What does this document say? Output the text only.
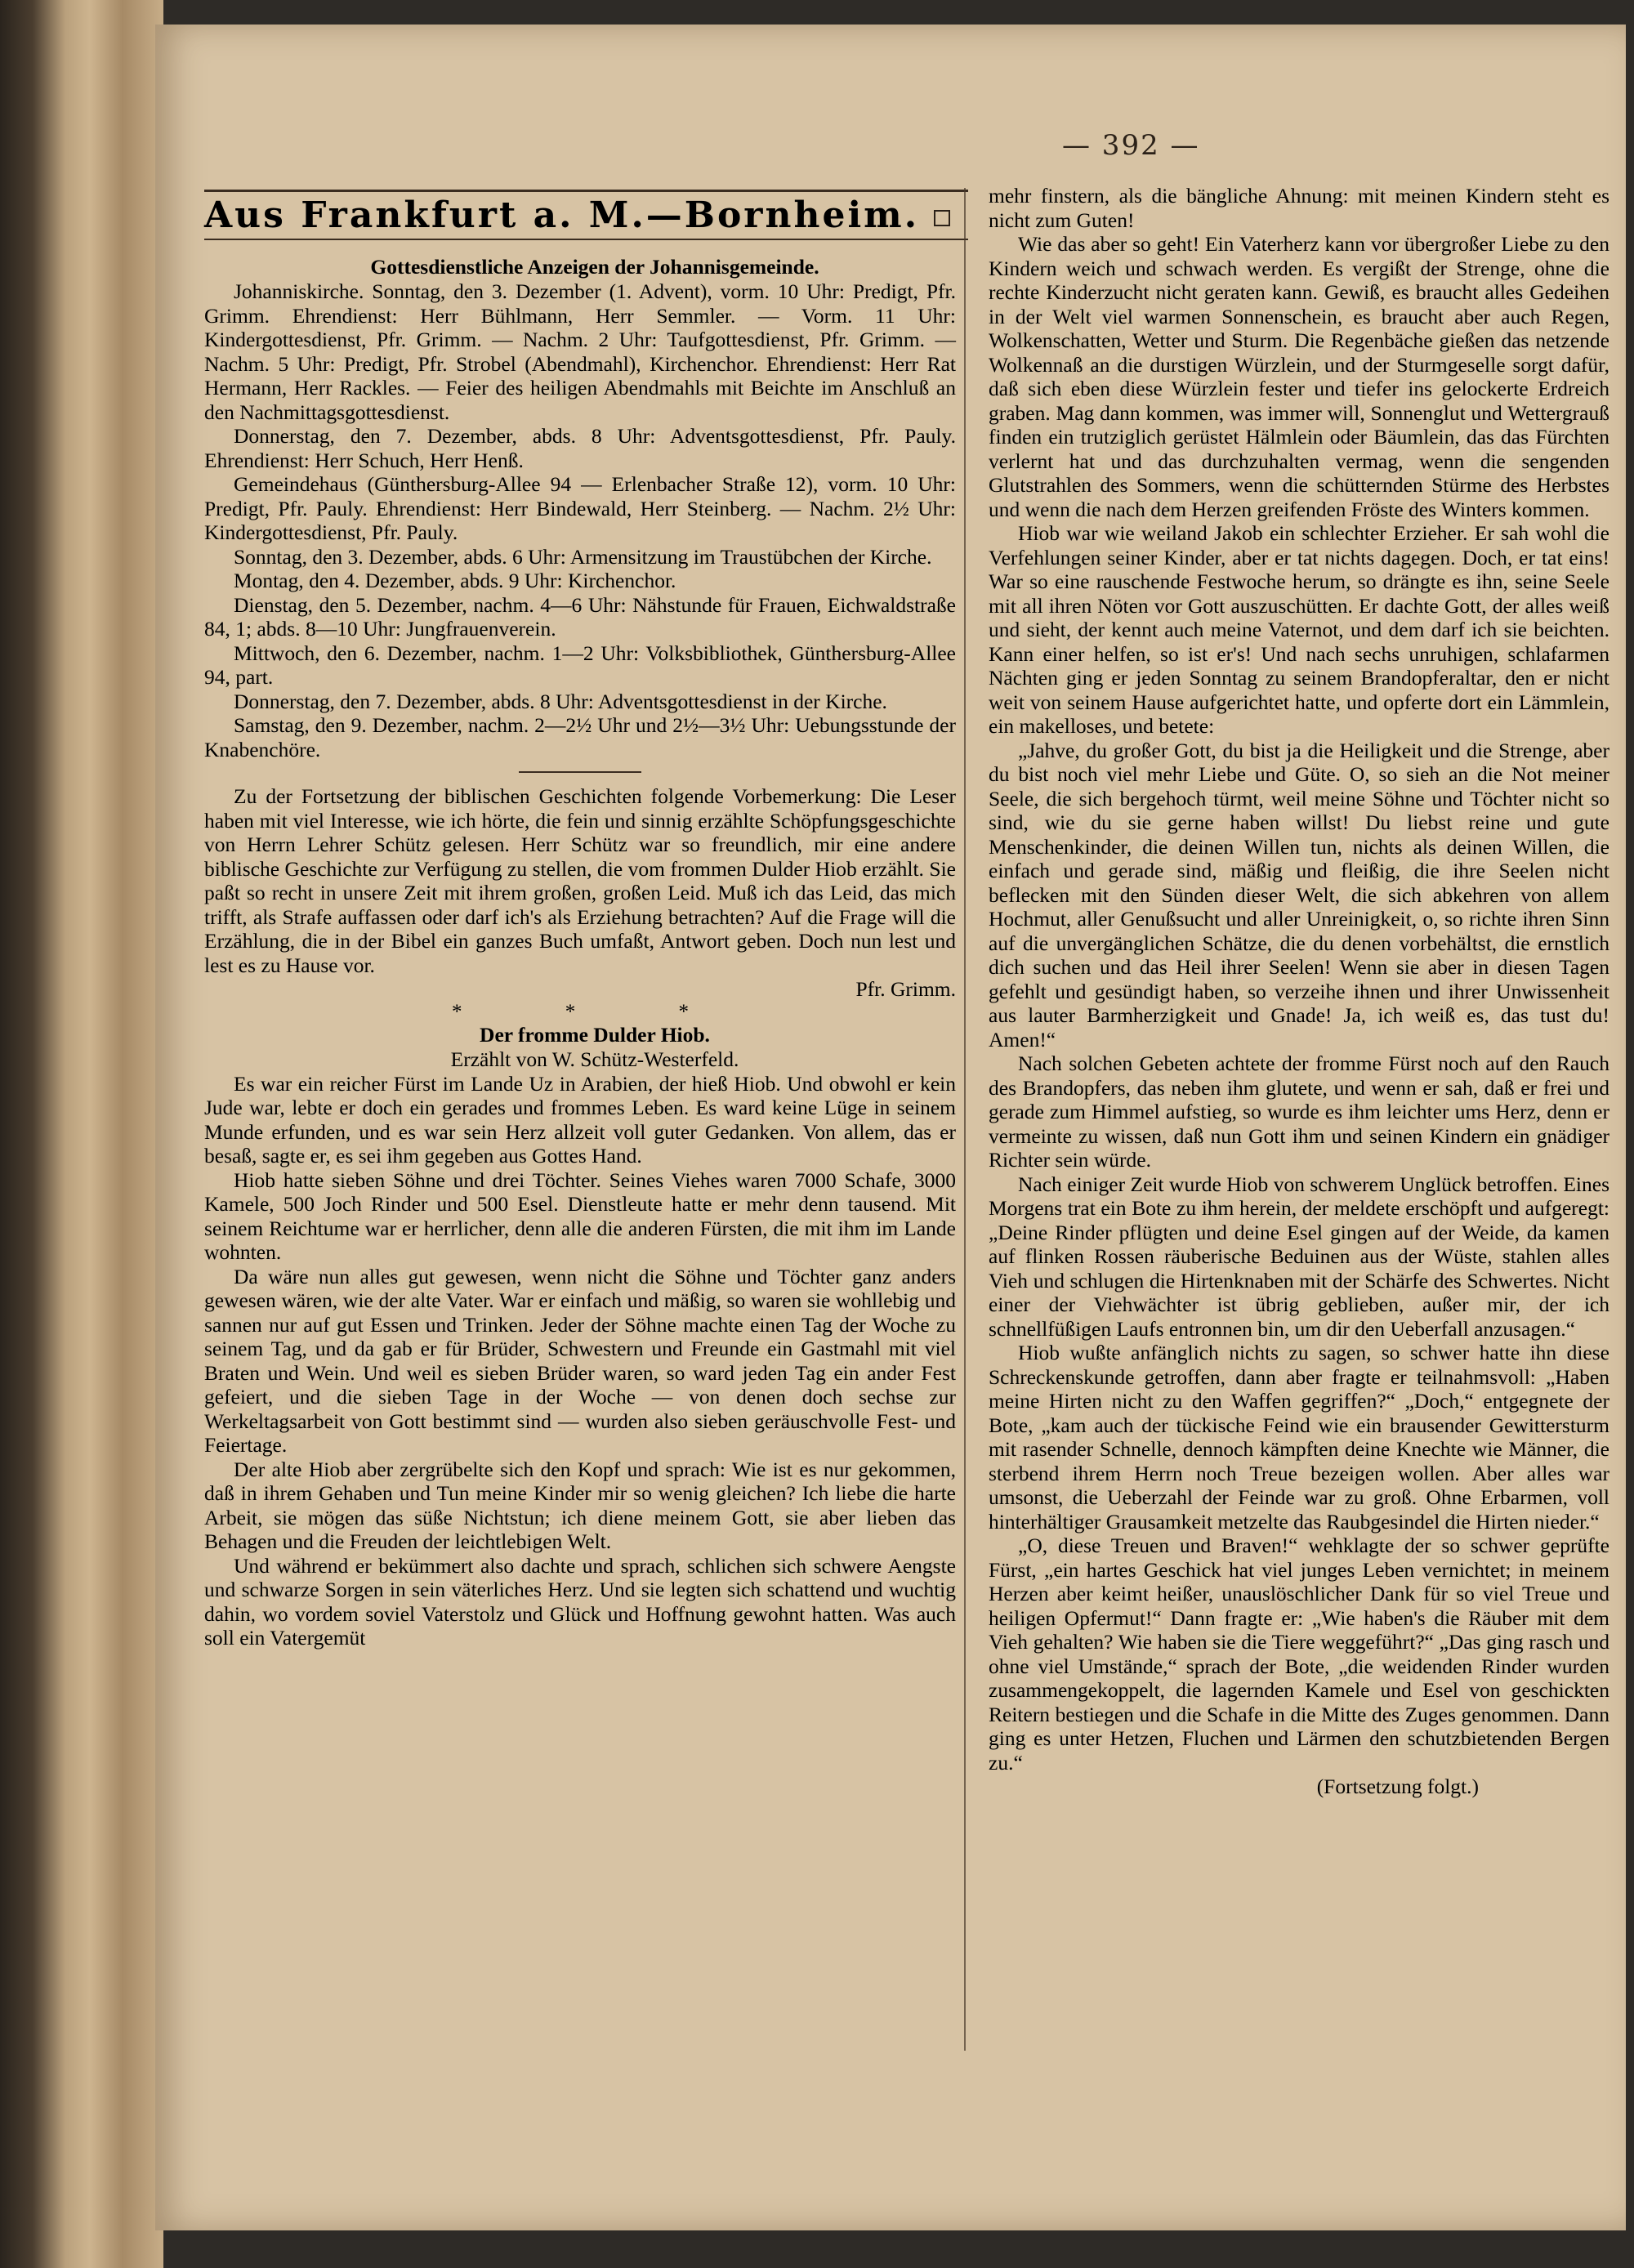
— 392 —
Aus Frankfurt a. M.—Bornheim.

Gottesdienstliche Anzeigen der Johannisgemeinde.

Johanniskirche. Sonntag, den 3. Dezember (1. Advent), vorm. 10 Uhr: Predigt, Pfr. Grimm. Ehrendienst: Herr Bühlmann, Herr Semmler. — Vorm. 11 Uhr: Kindergottesdienst, Pfr. Grimm. — Nachm. 2 Uhr: Taufgottesdienst, Pfr. Grimm. — Nachm. 5 Uhr: Predigt, Pfr. Strobel (Abendmahl), Kirchenchor. Ehrendienst: Herr Rat Hermann, Herr Rackles. — Feier des heiligen Abendmahls mit Beichte im Anschluß an den Nachmittagsgottesdienst.

Donnerstag, den 7. Dezember, abds. 8 Uhr: Adventsgottesdienst, Pfr. Pauly. Ehrendienst: Herr Schuch, Herr Henß.

Gemeindehaus (Günthersburg-Allee 94 — Erlenbacher Straße 12), vorm. 10 Uhr: Predigt, Pfr. Pauly. Ehrendienst: Herr Bindewald, Herr Steinberg. — Nachm. 2½ Uhr: Kindergottesdienst, Pfr. Pauly.

Sonntag, den 3. Dezember, abds. 6 Uhr: Armensitzung im Traustübchen der Kirche.

Montag, den 4. Dezember, abds. 9 Uhr: Kirchenchor.

Dienstag, den 5. Dezember, nachm. 4—6 Uhr: Nähstunde für Frauen, Eichwaldstraße 84, 1; abds. 8—10 Uhr: Jungfrauenverein.

Mittwoch, den 6. Dezember, nachm. 1—2 Uhr: Volksbibliothek, Günthersburg-Allee 94, part.

Donnerstag, den 7. Dezember, abds. 8 Uhr: Adventsgottesdienst in der Kirche.

Samstag, den 9. Dezember, nachm. 2—2½ Uhr und 2½—3½ Uhr: Uebungsstunde der Knabenchöre.

Zu der Fortsetzung der biblischen Geschichten folgende Vorbemerkung: Die Leser haben mit viel Interesse, wie ich hörte, die fein und sinnig erzählte Schöpfungsgeschichte von Herrn Lehrer Schütz gelesen. Herr Schütz war so freundlich, mir eine andere biblische Geschichte zur Verfügung zu stellen, die vom frommen Dulder Hiob erzählt. Sie paßt so recht in unsere Zeit mit ihrem großen, großen Leid. Muß ich das Leid, das mich trifft, als Strafe auffassen oder darf ich's als Erziehung betrachten? Auf die Frage will die Erzählung, die in der Bibel ein ganzes Buch umfaßt, Antwort geben. Doch nun lest und lest es zu Hause vor.

Pfr. Grimm.

* * *

Der fromme Dulder Hiob.

Erzählt von W. Schütz-Westerfeld.

Es war ein reicher Fürst im Lande Uz in Arabien, der hieß Hiob. Und obwohl er kein Jude war, lebte er doch ein gerades und frommes Leben. Es ward keine Lüge in seinem Munde erfunden, und es war sein Herz allzeit voll guter Gedanken. Von allem, das er besaß, sagte er, es sei ihm gegeben aus Gottes Hand.

Hiob hatte sieben Söhne und drei Töchter. Seines Viehes waren 7000 Schafe, 3000 Kamele, 500 Joch Rinder und 500 Esel. Dienstleute hatte er mehr denn tausend. Mit seinem Reichtume war er herrlicher, denn alle die anderen Fürsten, die mit ihm im Lande wohnten.

Da wäre nun alles gut gewesen, wenn nicht die Söhne und Töchter ganz anders gewesen wären, wie der alte Vater. War er einfach und mäßig, so waren sie wohllebig und sannen nur auf gut Essen und Trinken. Jeder der Söhne machte einen Tag der Woche zu seinem Tag, und da gab er für Brüder, Schwestern und Freunde ein Gastmahl mit viel Braten und Wein. Und weil es sieben Brüder waren, so ward jeden Tag ein ander Fest gefeiert, und die sieben Tage in der Woche — von denen doch sechse zur Werkeltagsarbeit von Gott bestimmt sind — wurden also sieben geräuschvolle Fest- und Feiertage.

Der alte Hiob aber zergrübelte sich den Kopf und sprach: Wie ist es nur gekommen, daß in ihrem Gehaben und Tun meine Kinder mir so wenig gleichen? Ich liebe die harte Arbeit, sie mögen das süße Nichtstun; ich diene meinem Gott, sie aber lieben das Behagen und die Freuden der leichtlebigen Welt.

Und während er bekümmert also dachte und sprach, schlichen sich schwere Aengste und schwarze Sorgen in sein väterliches Herz. Und sie legten sich schattend und wuchtig dahin, wo vordem soviel Vaterstolz und Glück und Hoffnung gewohnt hatten. Was auch soll ein Vatergemüt

mehr finstern, als die bängliche Ahnung: mit meinen Kindern steht es nicht zum Guten!

Wie das aber so geht! Ein Vaterherz kann vor übergroßer Liebe zu den Kindern weich und schwach werden. Es vergißt der Strenge, ohne die rechte Kinderzucht nicht geraten kann. Gewiß, es braucht alles Gedeihen in der Welt viel warmen Sonnenschein, es braucht aber auch Regen, Wolkenschatten, Wetter und Sturm. Die Regenbäche gießen das netzende Wolkennaß an die durstigen Würzlein, und der Sturmgeselle sorgt dafür, daß sich eben diese Würzlein fester und tiefer ins gelockerte Erdreich graben. Mag dann kommen, was immer will, Sonnenglut und Wettergrauß finden ein trutziglich gerüstet Hälmlein oder Bäumlein, das das Fürchten verlernt hat und das durchzuhalten vermag, wenn die sengenden Glutstrahlen des Sommers, wenn die schütternden Stürme des Herbstes und wenn die nach dem Herzen greifenden Fröste des Winters kommen.

Hiob war wie weiland Jakob ein schlechter Erzieher. Er sah wohl die Verfehlungen seiner Kinder, aber er tat nichts dagegen. Doch, er tat eins! War so eine rauschende Festwoche herum, so drängte es ihn, seine Seele mit all ihren Nöten vor Gott auszuschütten. Er dachte Gott, der alles weiß und sieht, der kennt auch meine Vaternot, und dem darf ich sie beichten. Kann einer helfen, so ist er's! Und nach sechs unruhigen, schlafarmen Nächten ging er jeden Sonntag zu seinem Brandopferaltar, den er nicht weit von seinem Hause aufgerichtet hatte, und opferte dort ein Lämmlein, ein makelloses, und betete:

„Jahve, du großer Gott, du bist ja die Heiligkeit und die Strenge, aber du bist noch viel mehr Liebe und Güte. O, so sieh an die Not meiner Seele, die sich bergehoch türmt, weil meine Söhne und Töchter nicht so sind, wie du sie gerne haben willst! Du liebst reine und gute Menschenkinder, die deinen Willen tun, nichts als deinen Willen, die einfach und gerade sind, mäßig und fleißig, die ihre Seelen nicht beflecken mit den Sünden dieser Welt, die sich abkehren von allem Hochmut, aller Genußsucht und aller Unreinigkeit, o, so richte ihren Sinn auf die unvergänglichen Schätze, die du denen vorbehältst, die ernstlich dich suchen und das Heil ihrer Seelen! Wenn sie aber in diesen Tagen gefehlt und gesündigt haben, so verzeihe ihnen und ihrer Unwissenheit aus lauter Barmherzigkeit und Gnade! Ja, ich weiß es, das tust du! Amen!“

Nach solchen Gebeten achtete der fromme Fürst noch auf den Rauch des Brandopfers, das neben ihm glutete, und wenn er sah, daß er frei und gerade zum Himmel aufstieg, so wurde es ihm leichter ums Herz, denn er vermeinte zu wissen, daß nun Gott ihm und seinen Kindern ein gnädiger Richter sein würde.

Nach einiger Zeit wurde Hiob von schwerem Unglück betroffen. Eines Morgens trat ein Bote zu ihm herein, der meldete erschöpft und aufgeregt: „Deine Rinder pflügten und deine Esel gingen auf der Weide, da kamen auf flinken Rossen räuberische Beduinen aus der Wüste, stahlen alles Vieh und schlugen die Hirtenknaben mit der Schärfe des Schwertes. Nicht einer der Viehwächter ist übrig geblieben, außer mir, der ich schnellfüßigen Laufs entronnen bin, um dir den Ueberfall anzusagen.“

Hiob wußte anfänglich nichts zu sagen, so schwer hatte ihn diese Schreckenskunde getroffen, dann aber fragte er teilnahmsvoll: „Haben meine Hirten nicht zu den Waffen gegriffen?“ „Doch,“ entgegnete der Bote, „kam auch der tückische Feind wie ein brausender Gewittersturm mit rasender Schnelle, dennoch kämpften deine Knechte wie Männer, die sterbend ihrem Herrn noch Treue bezeigen wollen. Aber alles war umsonst, die Ueberzahl der Feinde war zu groß. Ohne Erbarmen, voll hinterhältiger Grausamkeit metzelte das Raubgesindel die Hirten nieder.“

„O, diese Treuen und Braven!“ wehklagte der so schwer geprüfte Fürst, „ein hartes Geschick hat viel junges Leben vernichtet; in meinem Herzen aber keimt heißer, unauslöschlicher Dank für so viel Treue und heiligen Opfermut!“ Dann fragte er: „Wie haben's die Räuber mit dem Vieh gehalten? Wie haben sie die Tiere weggeführt?“ „Das ging rasch und ohne viel Umstände,“ sprach der Bote, „die weidenden Rinder wurden zusammengekoppelt, die lagernden Kamele und Esel von geschickten Reitern bestiegen und die Schafe in die Mitte des Zuges genommen. Dann ging es unter Hetzen, Fluchen und Lärmen den schutzbietenden Bergen zu.“

(Fortsetzung folgt.)
